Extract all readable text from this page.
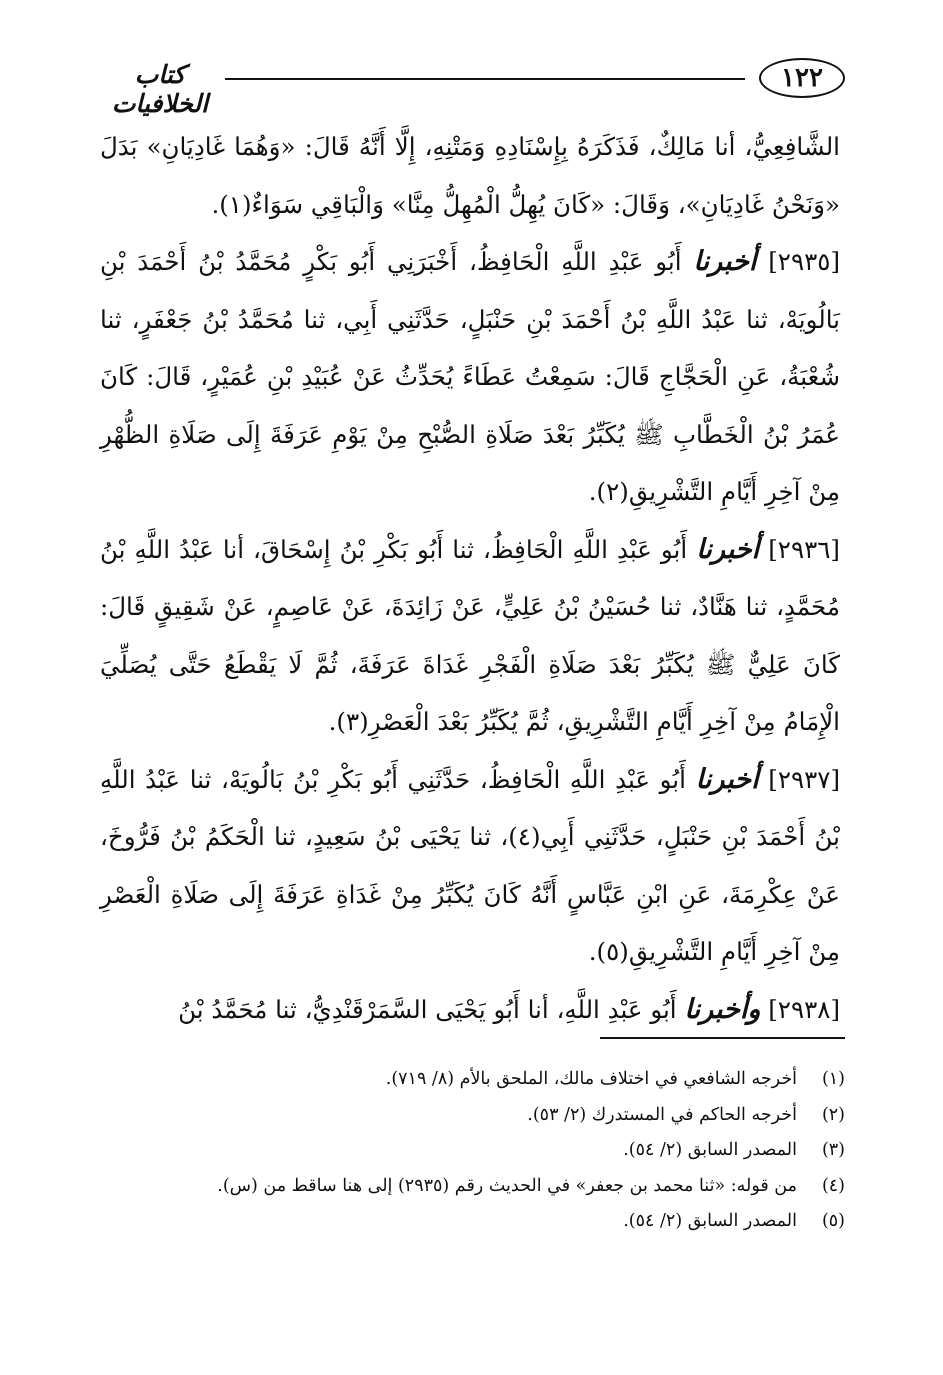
١٢٢
كتاب الخلافيات

الشَّافِعِيُّ، أنا مَالِكٌ، فَذَكَرَهُ بِإِسْنَادِهِ وَمَتْنِهِ، إِلَّا أَنَّهُ قَالَ: «وَهُمَا غَادِيَانِ» بَدَلَ «وَنَحْنُ غَادِيَانِ»، وَقَالَ: «كَانَ يُهِلُّ الْمُهِلُّ مِنَّا» وَالْبَاقِي سَوَاءٌ(١).

[٢٩٣٥] أخبرنا أَبُو عَبْدِ اللَّهِ الْحَافِظُ، أَخْبَرَنِي أَبُو بَكْرٍ مُحَمَّدُ بْنُ أَحْمَدَ بْنِ بَالُويَهْ، ثنا عَبْدُ اللَّهِ بْنُ أَحْمَدَ بْنِ حَنْبَلٍ، حَدَّثَنِي أَبِي، ثنا مُحَمَّدُ بْنُ جَعْفَرٍ، ثنا شُعْبَةُ، عَنِ الْحَجَّاجِ قَالَ: سَمِعْتُ عَطَاءً يُحَدِّثُ عَنْ عُبَيْدِ بْنِ عُمَيْرٍ، قَالَ: كَانَ عُمَرُ بْنُ الْخَطَّابِ ﷺ يُكَبِّرُ بَعْدَ صَلَاةِ الصُّبْحِ مِنْ يَوْمِ عَرَفَةَ إِلَى صَلَاةِ الظُّهْرِ مِنْ آخِرِ أَيَّامِ التَّشْرِيقِ(٢).

[٢٩٣٦] أخبرنا أَبُو عَبْدِ اللَّهِ الْحَافِظُ، ثنا أَبُو بَكْرِ بْنُ إِسْحَاقَ، أنا عَبْدُ اللَّهِ بْنُ مُحَمَّدٍ، ثنا هَنَّادٌ، ثنا حُسَيْنُ بْنُ عَلِيٍّ، عَنْ زَائِدَةَ، عَنْ عَاصِمٍ، عَنْ شَقِيقٍ قَالَ: كَانَ عَلِيٌّ ﷺ يُكَبِّرُ بَعْدَ صَلَاةِ الْفَجْرِ غَدَاةَ عَرَفَةَ، ثُمَّ لَا يَقْطَعُ حَتَّى يُصَلِّيَ الْإِمَامُ مِنْ آخِرِ أَيَّامِ التَّشْرِيقِ، ثُمَّ يُكَبِّرُ بَعْدَ الْعَصْرِ(٣).

[٢٩٣٧] أخبرنا أَبُو عَبْدِ اللَّهِ الْحَافِظُ، حَدَّثَنِي أَبُو بَكْرِ بْنُ بَالُويَهْ، ثنا عَبْدُ اللَّهِ بْنُ أَحْمَدَ بْنِ حَنْبَلٍ، حَدَّثَنِي أَبِي(٤)، ثنا يَحْيَى بْنُ سَعِيدٍ، ثنا الْحَكَمُ بْنُ فَرُّوخَ، عَنْ عِكْرِمَةَ، عَنِ ابْنِ عَبَّاسٍ أَنَّهُ كَانَ يُكَبِّرُ مِنْ غَدَاةِ عَرَفَةَ إِلَى صَلَاةِ الْعَصْرِ مِنْ آخِرِ أَيَّامِ التَّشْرِيقِ(٥).

[٢٩٣٨] وأخبرنا أَبُو عَبْدِ اللَّهِ، أنا أَبُو يَحْيَى السَّمَرْقَنْدِيُّ، ثنا مُحَمَّدُ بْنُ

(١)أخرجه الشافعي في اختلاف مالك، الملحق بالأم (٨/ ٧١٩).
(٢)أخرجه الحاكم في المستدرك (٢/ ٥٣).
(٣)المصدر السابق (٢/ ٥٤).
(٤)من قوله: «ثنا محمد بن جعفر» في الحديث رقم (٢٩٣٥) إلى هنا ساقط من (س).
(٥)المصدر السابق (٢/ ٥٤).
